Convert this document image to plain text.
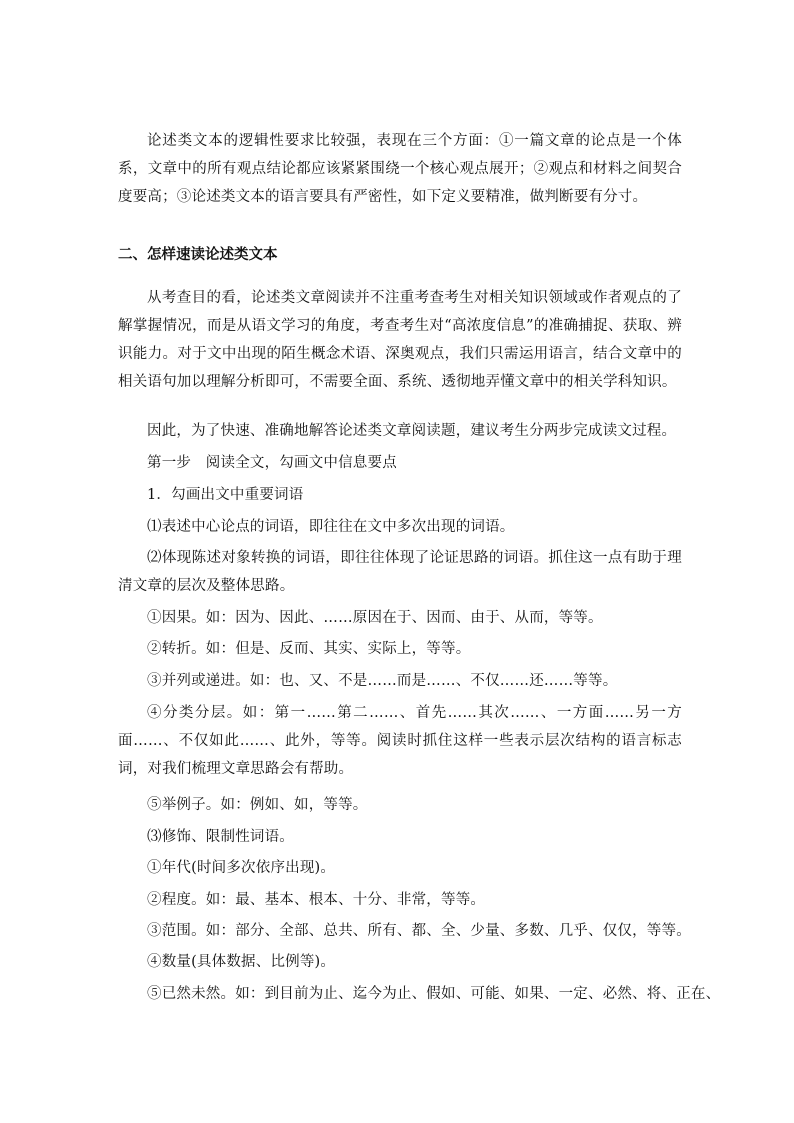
论述类文本的逻辑性要求比较强，表现在三个方面：①一篇文章的论点是一个体系，文章中的所有观点结论都应该紧紧围绕一个核心观点展开；②观点和材料之间契合度要高；③论述类文本的语言要具有严密性，如下定义要精准，做判断要有分寸。

二、怎样速读论述类文本

从考查目的看，论述类文章阅读并不注重考查考生对相关知识领域或作者观点的了解掌握情况，而是从语文学习的角度，考查考生对“高浓度信息”的准确捕捉、获取、辨识能力。对于文中出现的陌生概念术语、深奥观点，我们只需运用语言，结合文章中的相关语句加以理解分析即可，不需要全面、系统、透彻地弄懂文章中的相关学科知识。

因此，为了快速、准确地解答论述类文章阅读题，建议考生分两步完成读文过程。

第一步　阅读全文，勾画文中信息要点

1．勾画出文中重要词语

⑴表述中心论点的词语，即往往在文中多次出现的词语。

⑵体现陈述对象转换的词语，即往往体现了论证思路的词语。抓住这一点有助于理清文章的层次及整体思路。

①因果。如：因为、因此、……原因在于、因而、由于、从而，等等。

②转折。如：但是、反而、其实、实际上，等等。

③并列或递进。如：也、又、不是……而是……、不仅……还……等等。

④分类分层。如：第一……第二……、首先……其次……、一方面……另一方面……、不仅如此……、此外，等等。阅读时抓住这样一些表示层次结构的语言标志词，对我们梳理文章思路会有帮助。

⑤举例子。如：例如、如，等等。

⑶修饰、限制性词语。

①年代(时间多次依序出现)。

②程度。如：最、基本、根本、十分、非常，等等。

③范围。如：部分、全部、总共、所有、都、全、少量、多数、几乎、仅仅，等等。

④数量(具体数据、比例等)。

⑤已然未然。如：到目前为止、迄今为止、假如、可能、如果、一定、必然、将、正在、
